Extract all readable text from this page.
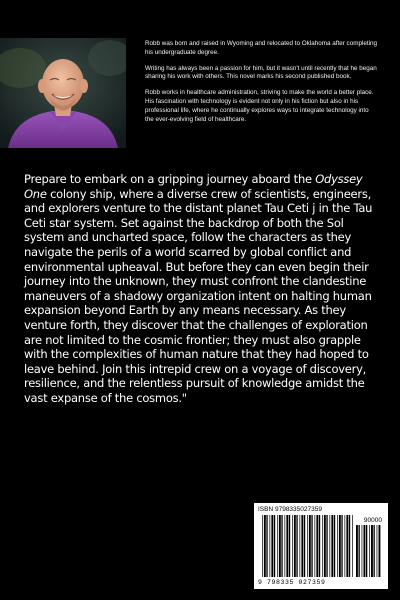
Robb was born and raised in Wyoming and relocated to Oklahoma after completing his undergraduate degree.

Writing has always been a passion for him, but it wasn't until recently that he began sharing his work with others. This novel marks his second published book.

Robb works in healthcare administration, striving to make the world a better place. His fascination with technology is evident not only in his fiction but also in his professional life, where he continually explores ways to integrate technology into the ever-evolving field of healthcare.

Prepare to embark on a gripping journey aboard the Odyssey One colony ship, where a diverse crew of scientists, engineers, and explorers venture to the distant planet Tau Ceti j in the Tau Ceti star system. Set against the backdrop of both the Sol system and uncharted space, follow the characters as they navigate the perils of a world scarred by global conflict and environmental upheaval. But before they can even begin their journey into the unknown, they must confront the clandestine maneuvers of a shadowy organization intent on halting human expansion beyond Earth by any means necessary. As they venture forth, they discover that the challenges of exploration are not limited to the cosmic frontier; they must also grapple with the complexities of human nature that they had hoped to leave behind. Join this intrepid crew on a voyage of discovery, resilience, and the relentless pursuit of knowledge amidst the vast expanse of the cosmos."
ISBN 9798335027359
90000
9 798335 027359
